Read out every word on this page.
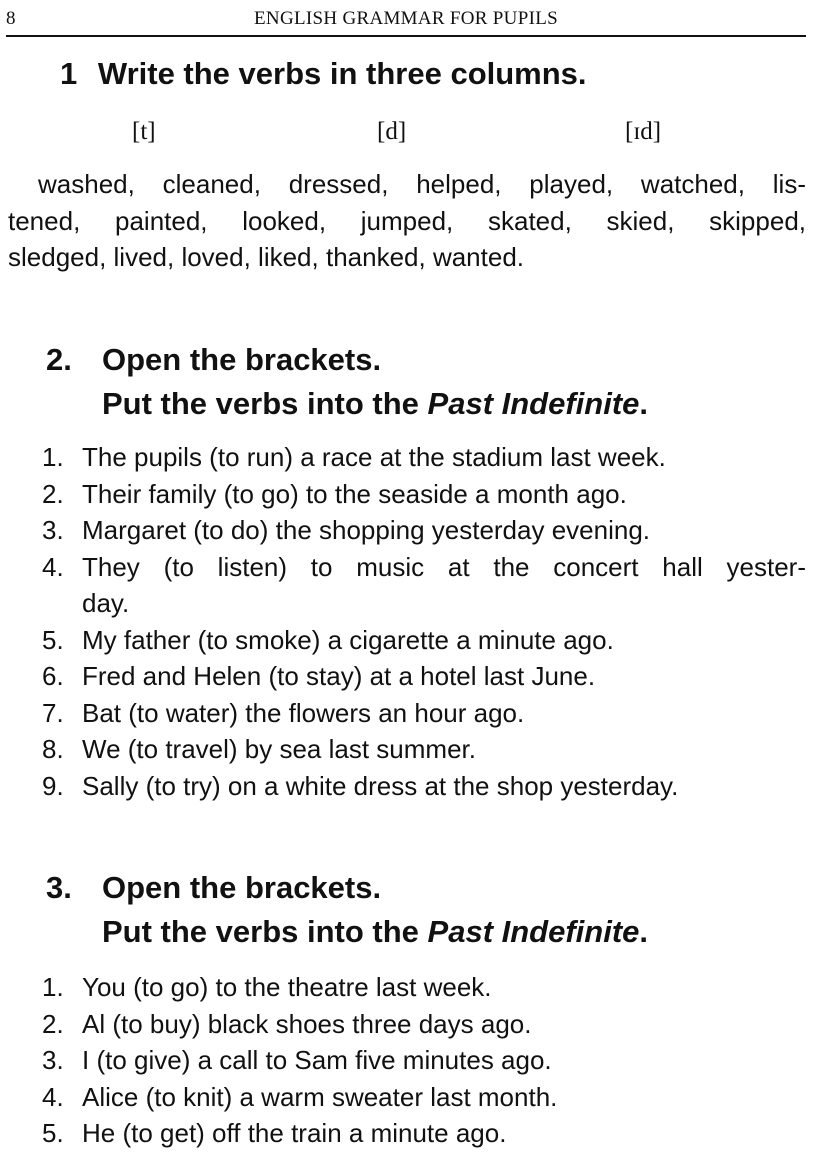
8	ENGLISH GRAMMAR FOR PUPILS
1 Write the verbs in three columns.
[t]	[d]	[ɪd]
washed, cleaned, dressed, helped, played, watched, lis-
tened, painted, looked, jumped, skated, skied, skipped,
sledged, lived, loved, liked, thanked, wanted.
2. Open the brackets.
Put the verbs into the Past Indefinite.
1. The pupils (to run) a race at the stadium last week.
2. Their family (to go) to the seaside a month ago.
3. Margaret (to do) the shopping yesterday evening.
4. They (to listen) to music at the concert hall yester-
day.
5. My father (to smoke) a cigarette a minute ago.
6. Fred and Helen (to stay) at a hotel last June.
7. Bat (to water) the flowers an hour ago.
8. We (to travel) by sea last summer.
9. Sally (to try) on a white dress at the shop yesterday.
3. Open the brackets.
Put the verbs into the Past Indefinite.
1. You (to go) to the theatre last week.
2. Al (to buy) black shoes three days ago.
3. I (to give) a call to Sam five minutes ago.
4. Alice (to knit) a warm sweater last month.
5. He (to get) off the train a minute ago.
